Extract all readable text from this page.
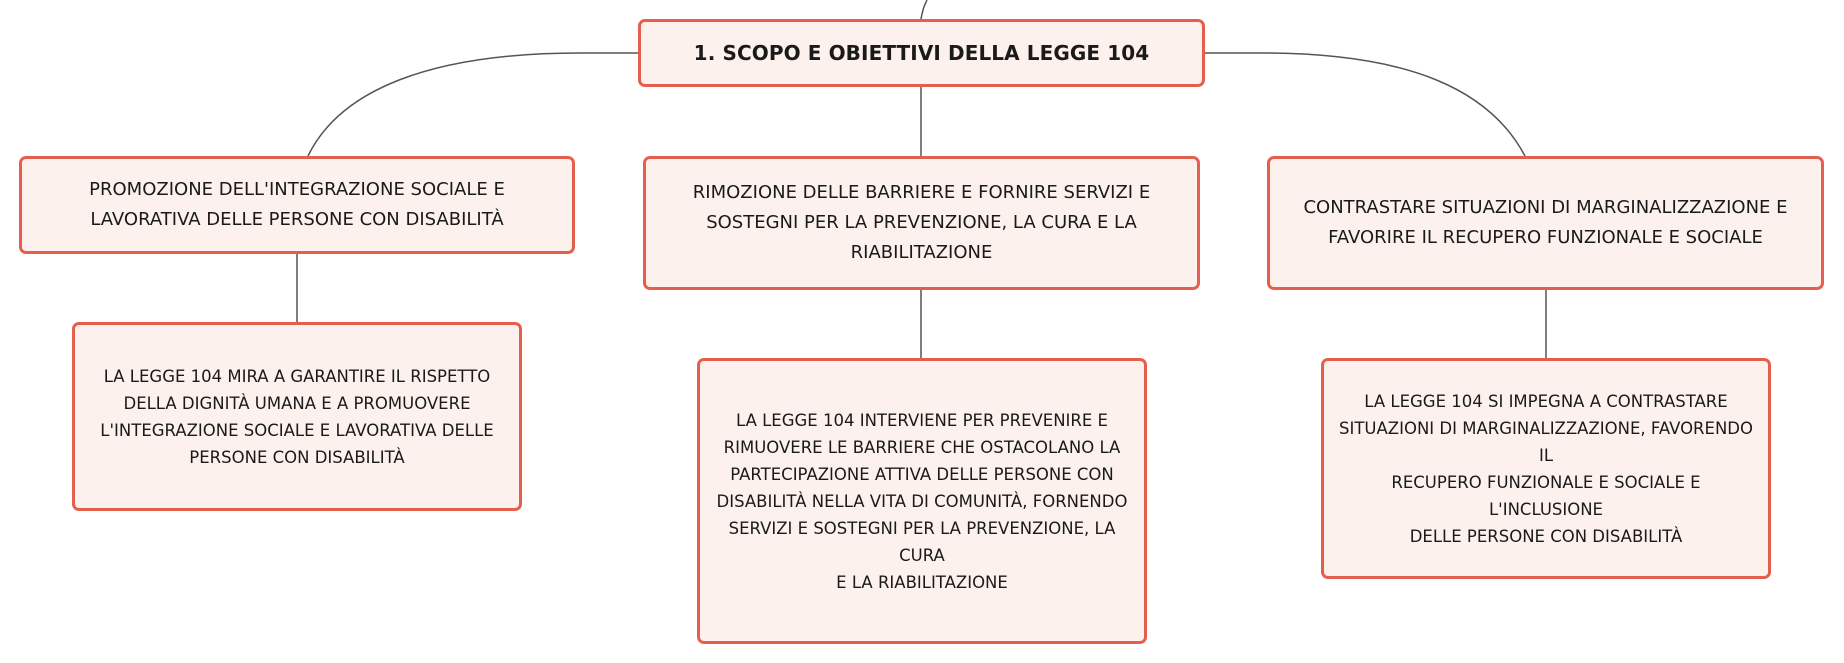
1. SCOPO E OBIETTIVI DELLA LEGGE 104
PROMOZIONE DELL'INTEGRAZIONE SOCIALE E
LAVORATIVA DELLE PERSONE CON DISABILITÀ
RIMOZIONE DELLE BARRIERE E FORNIRE SERVIZI E
SOSTEGNI PER LA PREVENZIONE, LA CURA E LA
RIABILITAZIONE
CONTRASTARE SITUAZIONI DI MARGINALIZZAZIONE E
FAVORIRE IL RECUPERO FUNZIONALE E SOCIALE
LA LEGGE 104 MIRA A GARANTIRE IL RISPETTO
DELLA DIGNITÀ UMANA E A PROMUOVERE
L'INTEGRAZIONE SOCIALE E LAVORATIVA DELLE
PERSONE CON DISABILITÀ
LA LEGGE 104 INTERVIENE PER PREVENIRE E
RIMUOVERE LE BARRIERE CHE OSTACOLANO LA
PARTECIPAZIONE ATTIVA DELLE PERSONE CON
DISABILITÀ NELLA VITA DI COMUNITÀ, FORNENDO
SERVIZI E SOSTEGNI PER LA PREVENZIONE, LA CURA
E LA RIABILITAZIONE
LA LEGGE 104 SI IMPEGNA A CONTRASTARE
SITUAZIONI DI MARGINALIZZAZIONE, FAVORENDO IL
RECUPERO FUNZIONALE E SOCIALE E L'INCLUSIONE
DELLE PERSONE CON DISABILITÀ
